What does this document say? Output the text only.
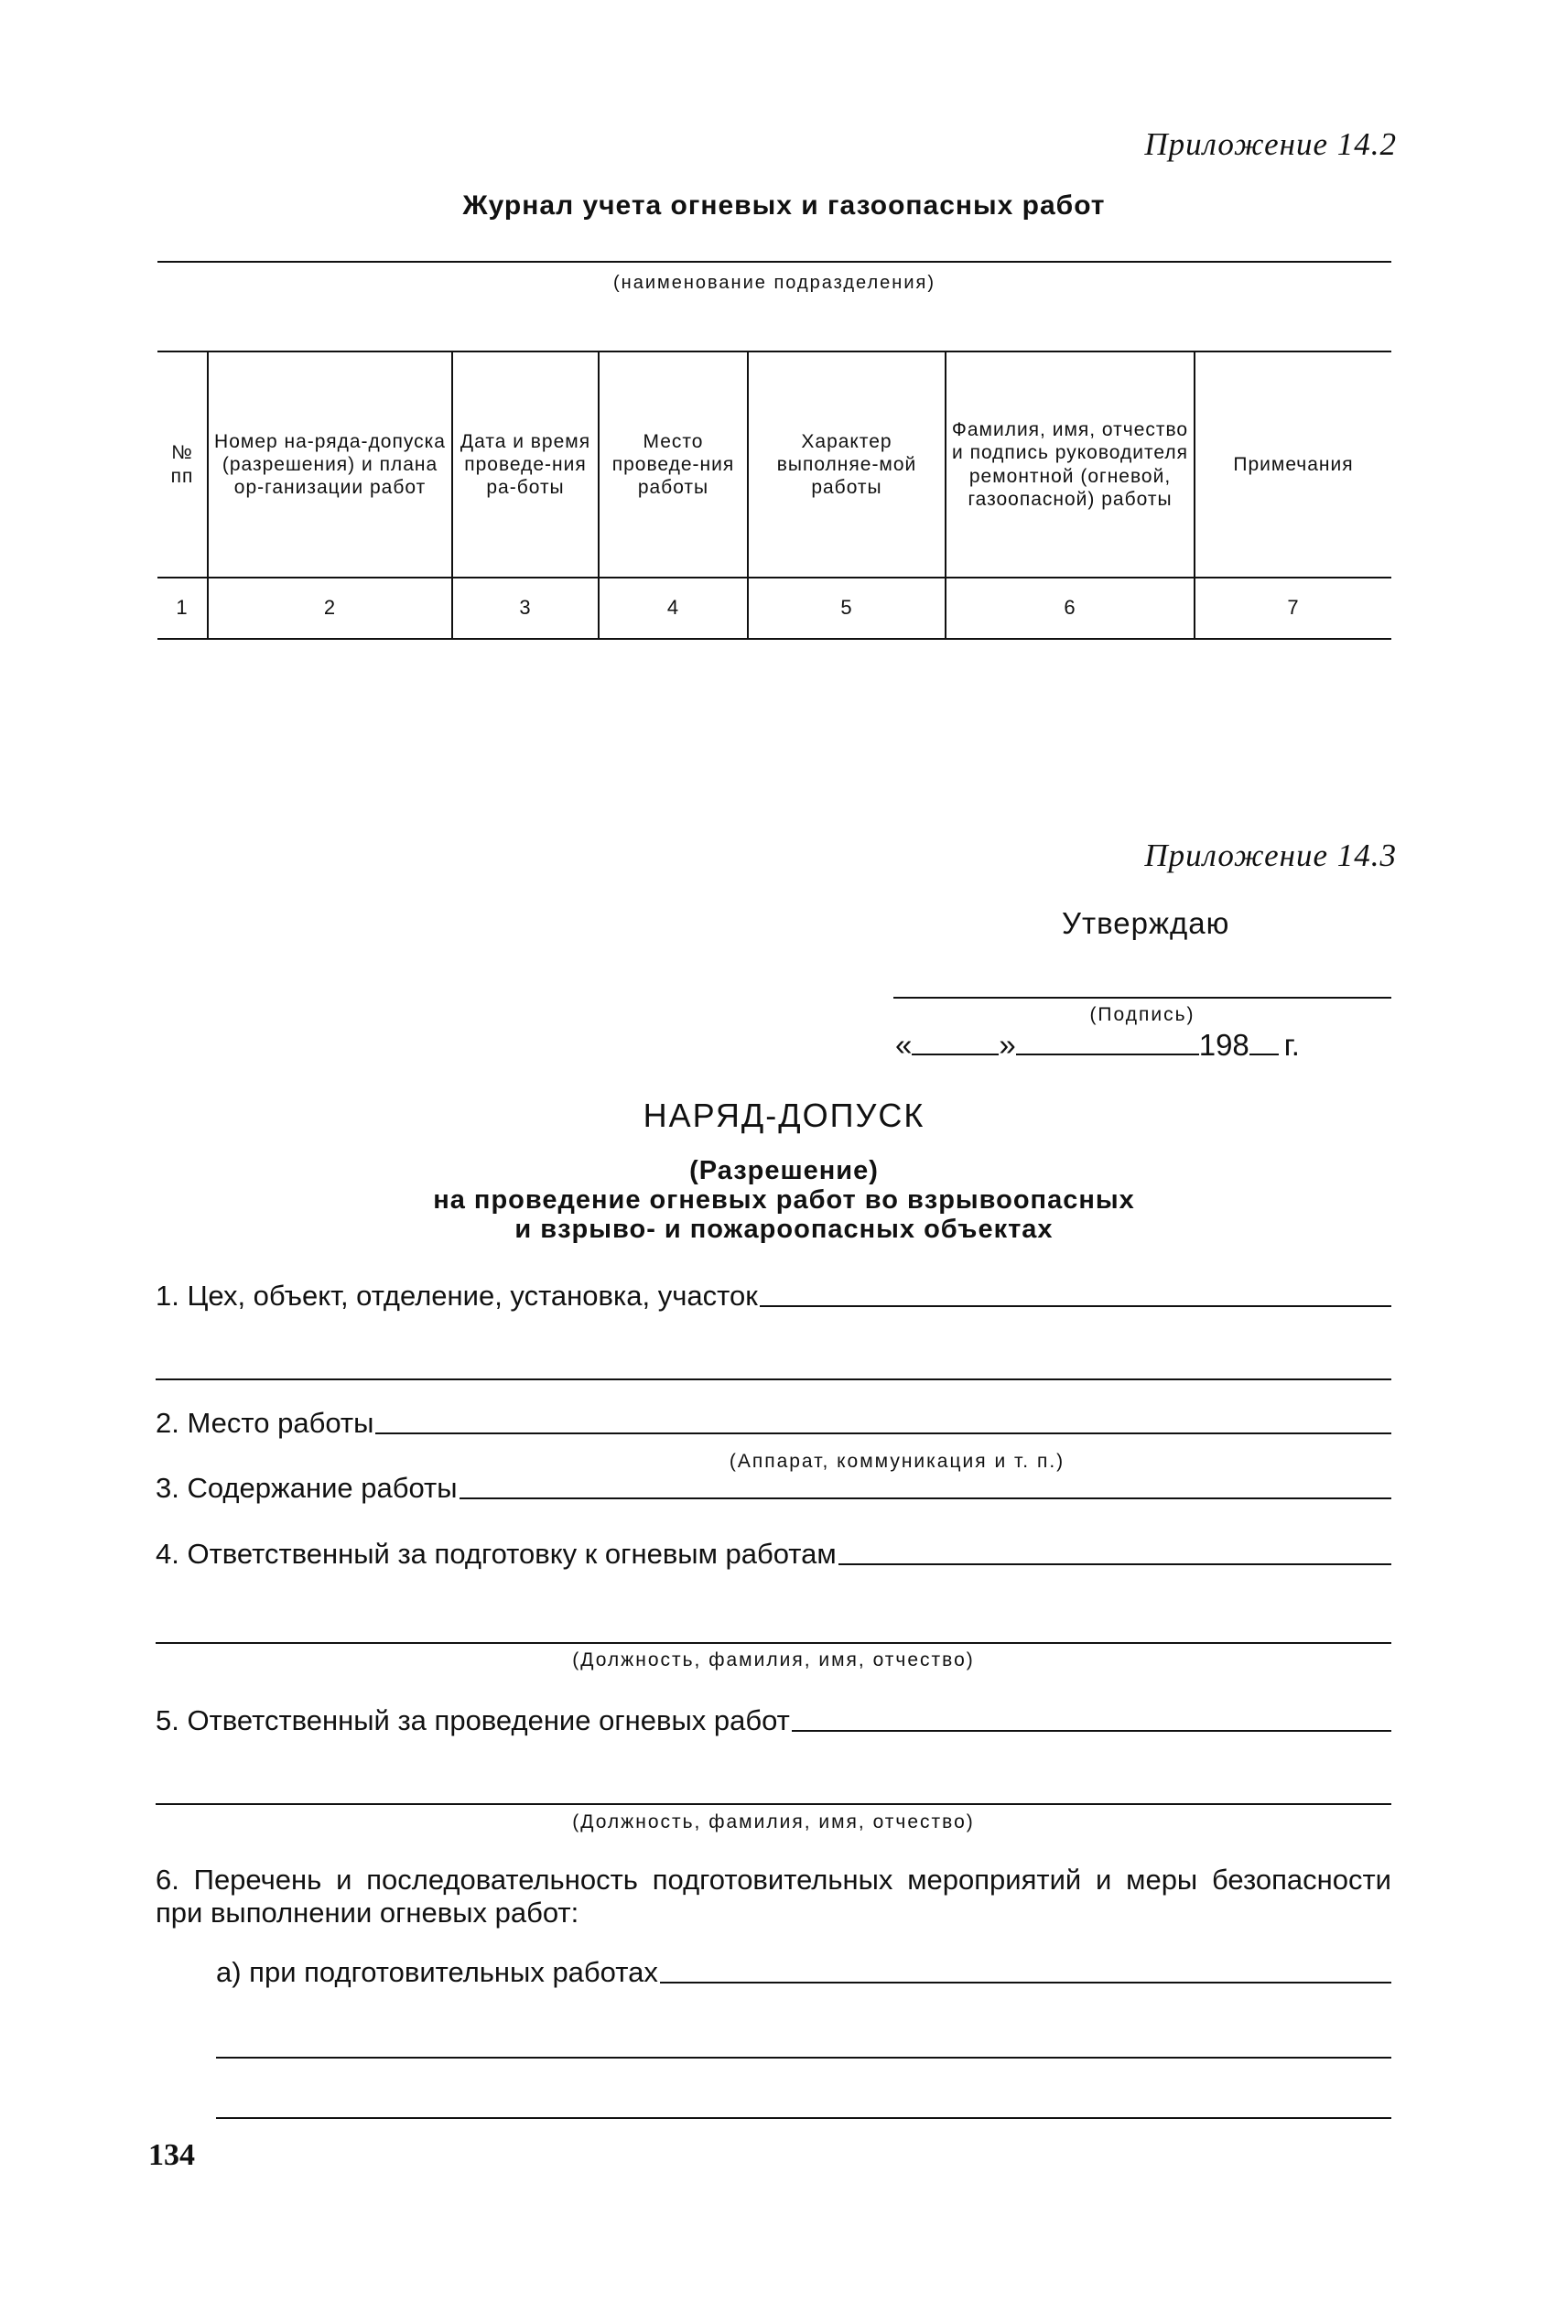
Приложение 14.2
Журнал учета огневых и газоопасных работ
(наименование подразделения)
№ пп	Номер на-ряда-допуска (разрешения) и плана ор-ганизации работ	Дата и время проведе-ния ра-боты	Место проведе-ния работы	Характер выполняе-мой работы	Фамилия, имя, отчество и подпись руководителя ремонтной (огневой, газоопасной) работы	Примечания
1	2	3	4	5	6	7
Приложение 14.3
Утверждаю
(Подпись)
«	»	198 г.
НАРЯД-ДОПУСК
(Разрешение)
на проведение огневых работ во взрывоопасных
и взрыво- и пожароопасных объектах
1. Цех, объект, отделение, установка, участок
2. Место работы
(Аппарат, коммуникация и т. п.)
3. Содержание работы
4. Ответственный за подготовку к огневым работам
(Должность, фамилия, имя, отчество)
5. Ответственный за проведение огневых работ
(Должность, фамилия, имя, отчество)
6. Перечень и последовательность подготовительных мероприятий и меры безопасности при выполнении огневых работ:
а) при подготовительных работах
134
